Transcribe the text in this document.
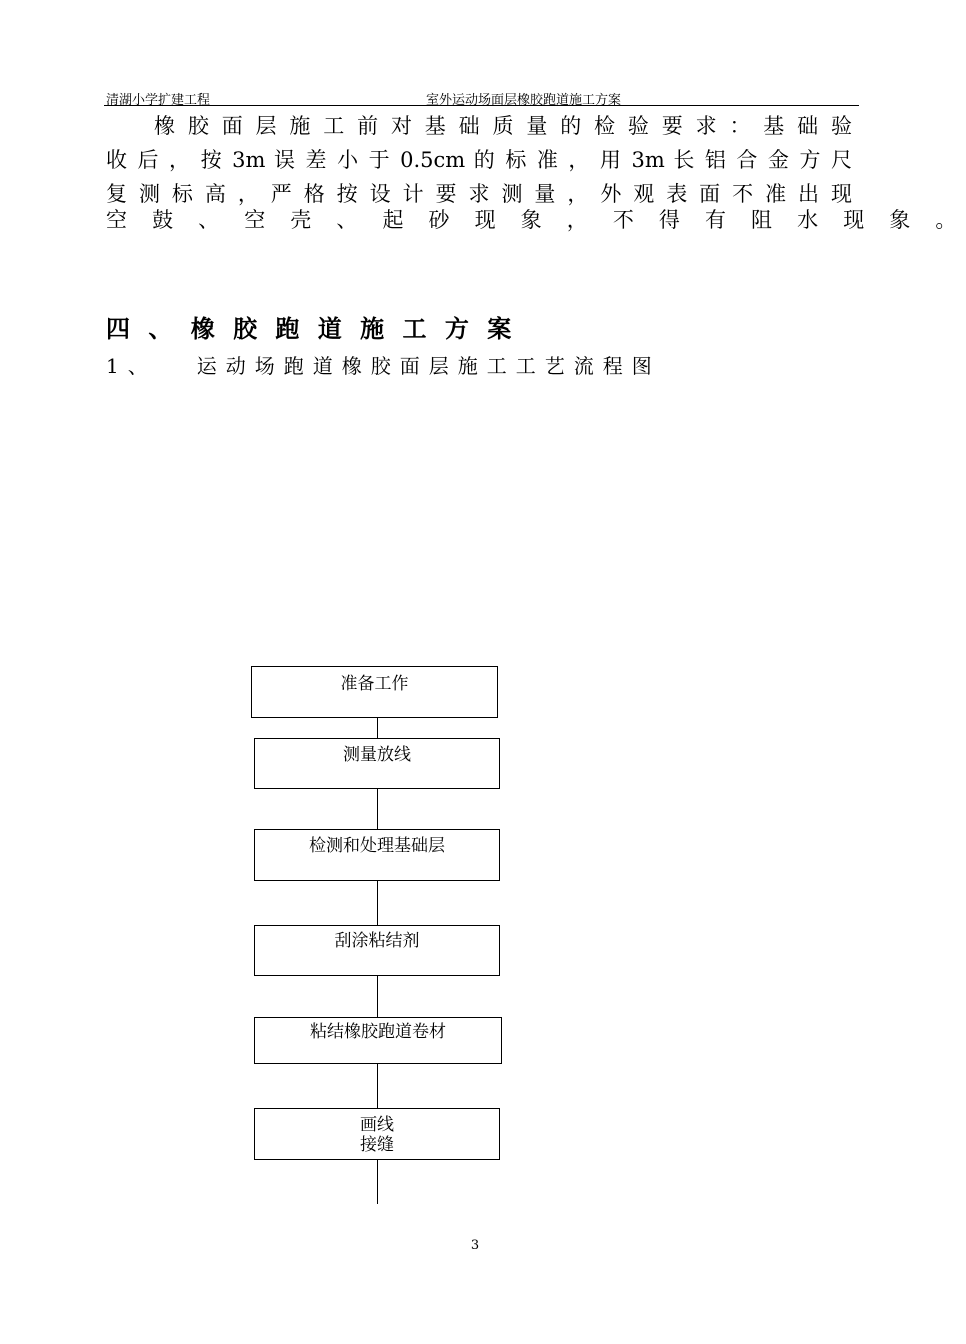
清湖小学扩建工程	室外运动场面层橡胶跑道施工方案
橡 胶 面 层 施 工 前 对 基 础 质 量 的 检 验 要 求 ： 基 础 验
收 后 ， 按 3m 误 差 小 于 0.5cm 的 标 准 ， 用 3m 长 铝 合 金 方 尺
复 测 标 高 ， 严 格 按 设 计 要 求 测 量 ， 外 观 表 面 不 准 出 现
空 鼓 、 空 壳 、 起 砂 现 象 ， 不 得 有 阻 水 现 象 。
四 、 橡 胶 跑 道 施 工 方 案
1、 运动场跑道橡胶面层施工工艺流程图
准备工作
测量放线
检测和处理基础层
刮涂粘结剂
粘结橡胶跑道卷材
画线
接缝
3
